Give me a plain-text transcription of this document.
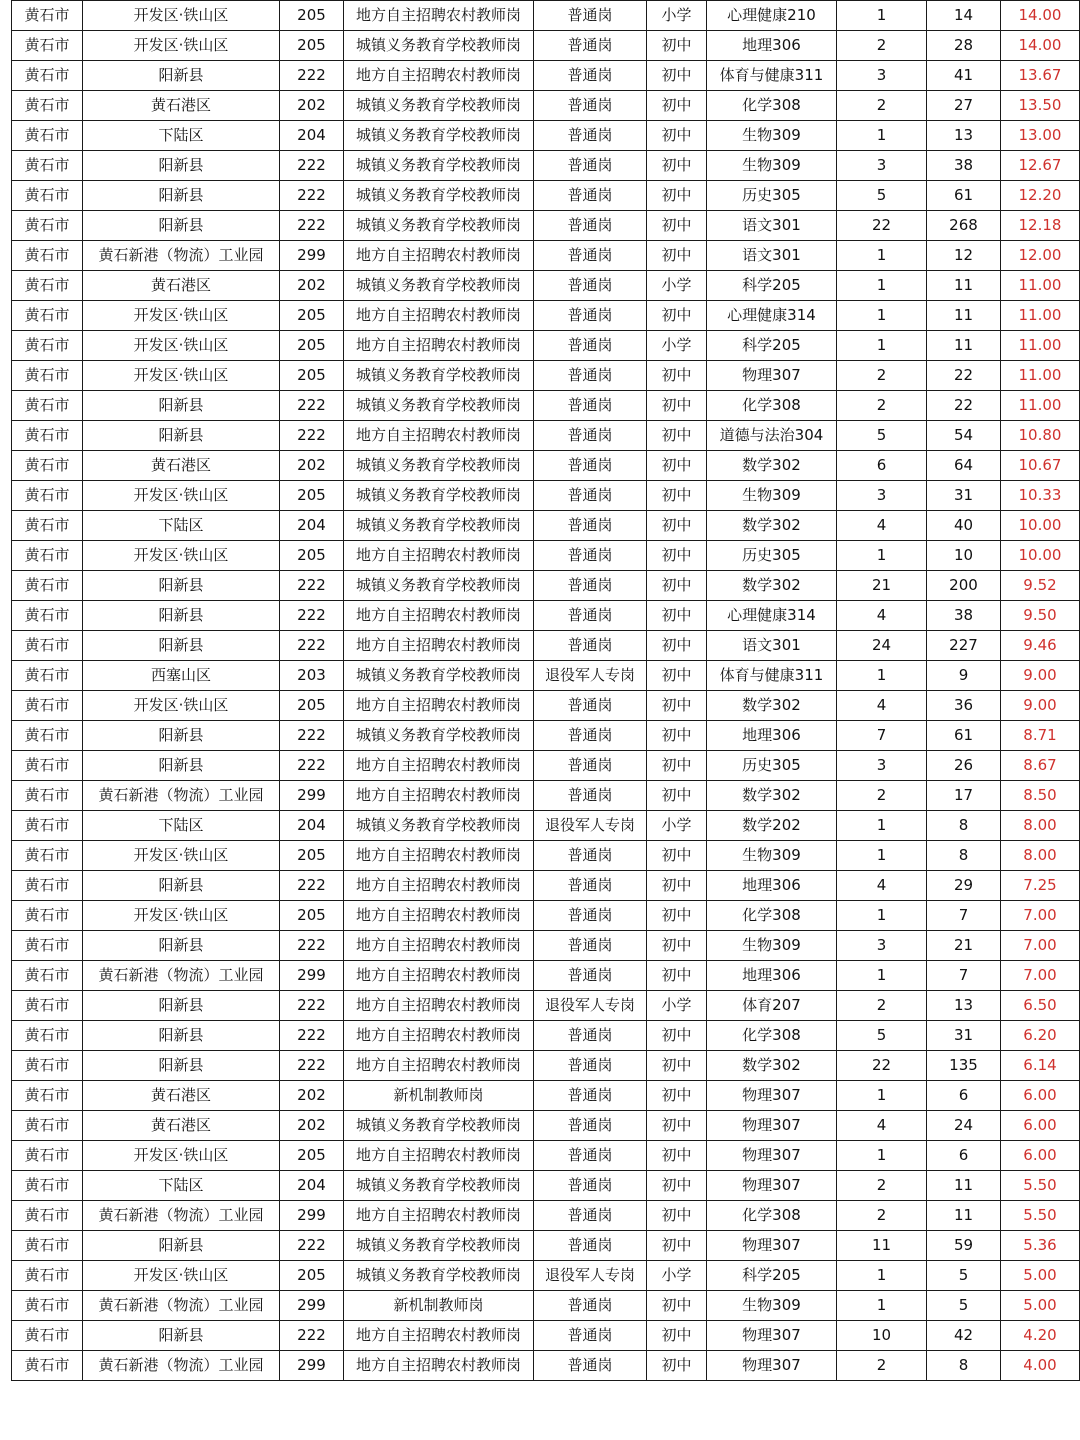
黄石市	开发区·铁山区	205	地方自主招聘农村教师岗	普通岗	小学	心理健康210	1	14	14.00
黄石市	开发区·铁山区	205	城镇义务教育学校教师岗	普通岗	初中	地理306	2	28	14.00
黄石市	阳新县	222	地方自主招聘农村教师岗	普通岗	初中	体育与健康311	3	41	13.67
黄石市	黄石港区	202	城镇义务教育学校教师岗	普通岗	初中	化学308	2	27	13.50
黄石市	下陆区	204	城镇义务教育学校教师岗	普通岗	初中	生物309	1	13	13.00
黄石市	阳新县	222	城镇义务教育学校教师岗	普通岗	初中	生物309	3	38	12.67
黄石市	阳新县	222	城镇义务教育学校教师岗	普通岗	初中	历史305	5	61	12.20
黄石市	阳新县	222	城镇义务教育学校教师岗	普通岗	初中	语文301	22	268	12.18
黄石市	黄石新港（物流）工业园	299	地方自主招聘农村教师岗	普通岗	初中	语文301	1	12	12.00
黄石市	黄石港区	202	城镇义务教育学校教师岗	普通岗	小学	科学205	1	11	11.00
黄石市	开发区·铁山区	205	地方自主招聘农村教师岗	普通岗	初中	心理健康314	1	11	11.00
黄石市	开发区·铁山区	205	地方自主招聘农村教师岗	普通岗	小学	科学205	1	11	11.00
黄石市	开发区·铁山区	205	城镇义务教育学校教师岗	普通岗	初中	物理307	2	22	11.00
黄石市	阳新县	222	城镇义务教育学校教师岗	普通岗	初中	化学308	2	22	11.00
黄石市	阳新县	222	地方自主招聘农村教师岗	普通岗	初中	道德与法治304	5	54	10.80
黄石市	黄石港区	202	城镇义务教育学校教师岗	普通岗	初中	数学302	6	64	10.67
黄石市	开发区·铁山区	205	城镇义务教育学校教师岗	普通岗	初中	生物309	3	31	10.33
黄石市	下陆区	204	城镇义务教育学校教师岗	普通岗	初中	数学302	4	40	10.00
黄石市	开发区·铁山区	205	地方自主招聘农村教师岗	普通岗	初中	历史305	1	10	10.00
黄石市	阳新县	222	城镇义务教育学校教师岗	普通岗	初中	数学302	21	200	9.52
黄石市	阳新县	222	地方自主招聘农村教师岗	普通岗	初中	心理健康314	4	38	9.50
黄石市	阳新县	222	地方自主招聘农村教师岗	普通岗	初中	语文301	24	227	9.46
黄石市	西塞山区	203	城镇义务教育学校教师岗	退役军人专岗	初中	体育与健康311	1	9	9.00
黄石市	开发区·铁山区	205	地方自主招聘农村教师岗	普通岗	初中	数学302	4	36	9.00
黄石市	阳新县	222	城镇义务教育学校教师岗	普通岗	初中	地理306	7	61	8.71
黄石市	阳新县	222	地方自主招聘农村教师岗	普通岗	初中	历史305	3	26	8.67
黄石市	黄石新港（物流）工业园	299	地方自主招聘农村教师岗	普通岗	初中	数学302	2	17	8.50
黄石市	下陆区	204	城镇义务教育学校教师岗	退役军人专岗	小学	数学202	1	8	8.00
黄石市	开发区·铁山区	205	地方自主招聘农村教师岗	普通岗	初中	生物309	1	8	8.00
黄石市	阳新县	222	地方自主招聘农村教师岗	普通岗	初中	地理306	4	29	7.25
黄石市	开发区·铁山区	205	地方自主招聘农村教师岗	普通岗	初中	化学308	1	7	7.00
黄石市	阳新县	222	地方自主招聘农村教师岗	普通岗	初中	生物309	3	21	7.00
黄石市	黄石新港（物流）工业园	299	地方自主招聘农村教师岗	普通岗	初中	地理306	1	7	7.00
黄石市	阳新县	222	地方自主招聘农村教师岗	退役军人专岗	小学	体育207	2	13	6.50
黄石市	阳新县	222	地方自主招聘农村教师岗	普通岗	初中	化学308	5	31	6.20
黄石市	阳新县	222	地方自主招聘农村教师岗	普通岗	初中	数学302	22	135	6.14
黄石市	黄石港区	202	新机制教师岗	普通岗	初中	物理307	1	6	6.00
黄石市	黄石港区	202	城镇义务教育学校教师岗	普通岗	初中	物理307	4	24	6.00
黄石市	开发区·铁山区	205	地方自主招聘农村教师岗	普通岗	初中	物理307	1	6	6.00
黄石市	下陆区	204	城镇义务教育学校教师岗	普通岗	初中	物理307	2	11	5.50
黄石市	黄石新港（物流）工业园	299	地方自主招聘农村教师岗	普通岗	初中	化学308	2	11	5.50
黄石市	阳新县	222	城镇义务教育学校教师岗	普通岗	初中	物理307	11	59	5.36
黄石市	开发区·铁山区	205	城镇义务教育学校教师岗	退役军人专岗	小学	科学205	1	5	5.00
黄石市	黄石新港（物流）工业园	299	新机制教师岗	普通岗	初中	生物309	1	5	5.00
黄石市	阳新县	222	地方自主招聘农村教师岗	普通岗	初中	物理307	10	42	4.20
黄石市	黄石新港（物流）工业园	299	地方自主招聘农村教师岗	普通岗	初中	物理307	2	8	4.00
